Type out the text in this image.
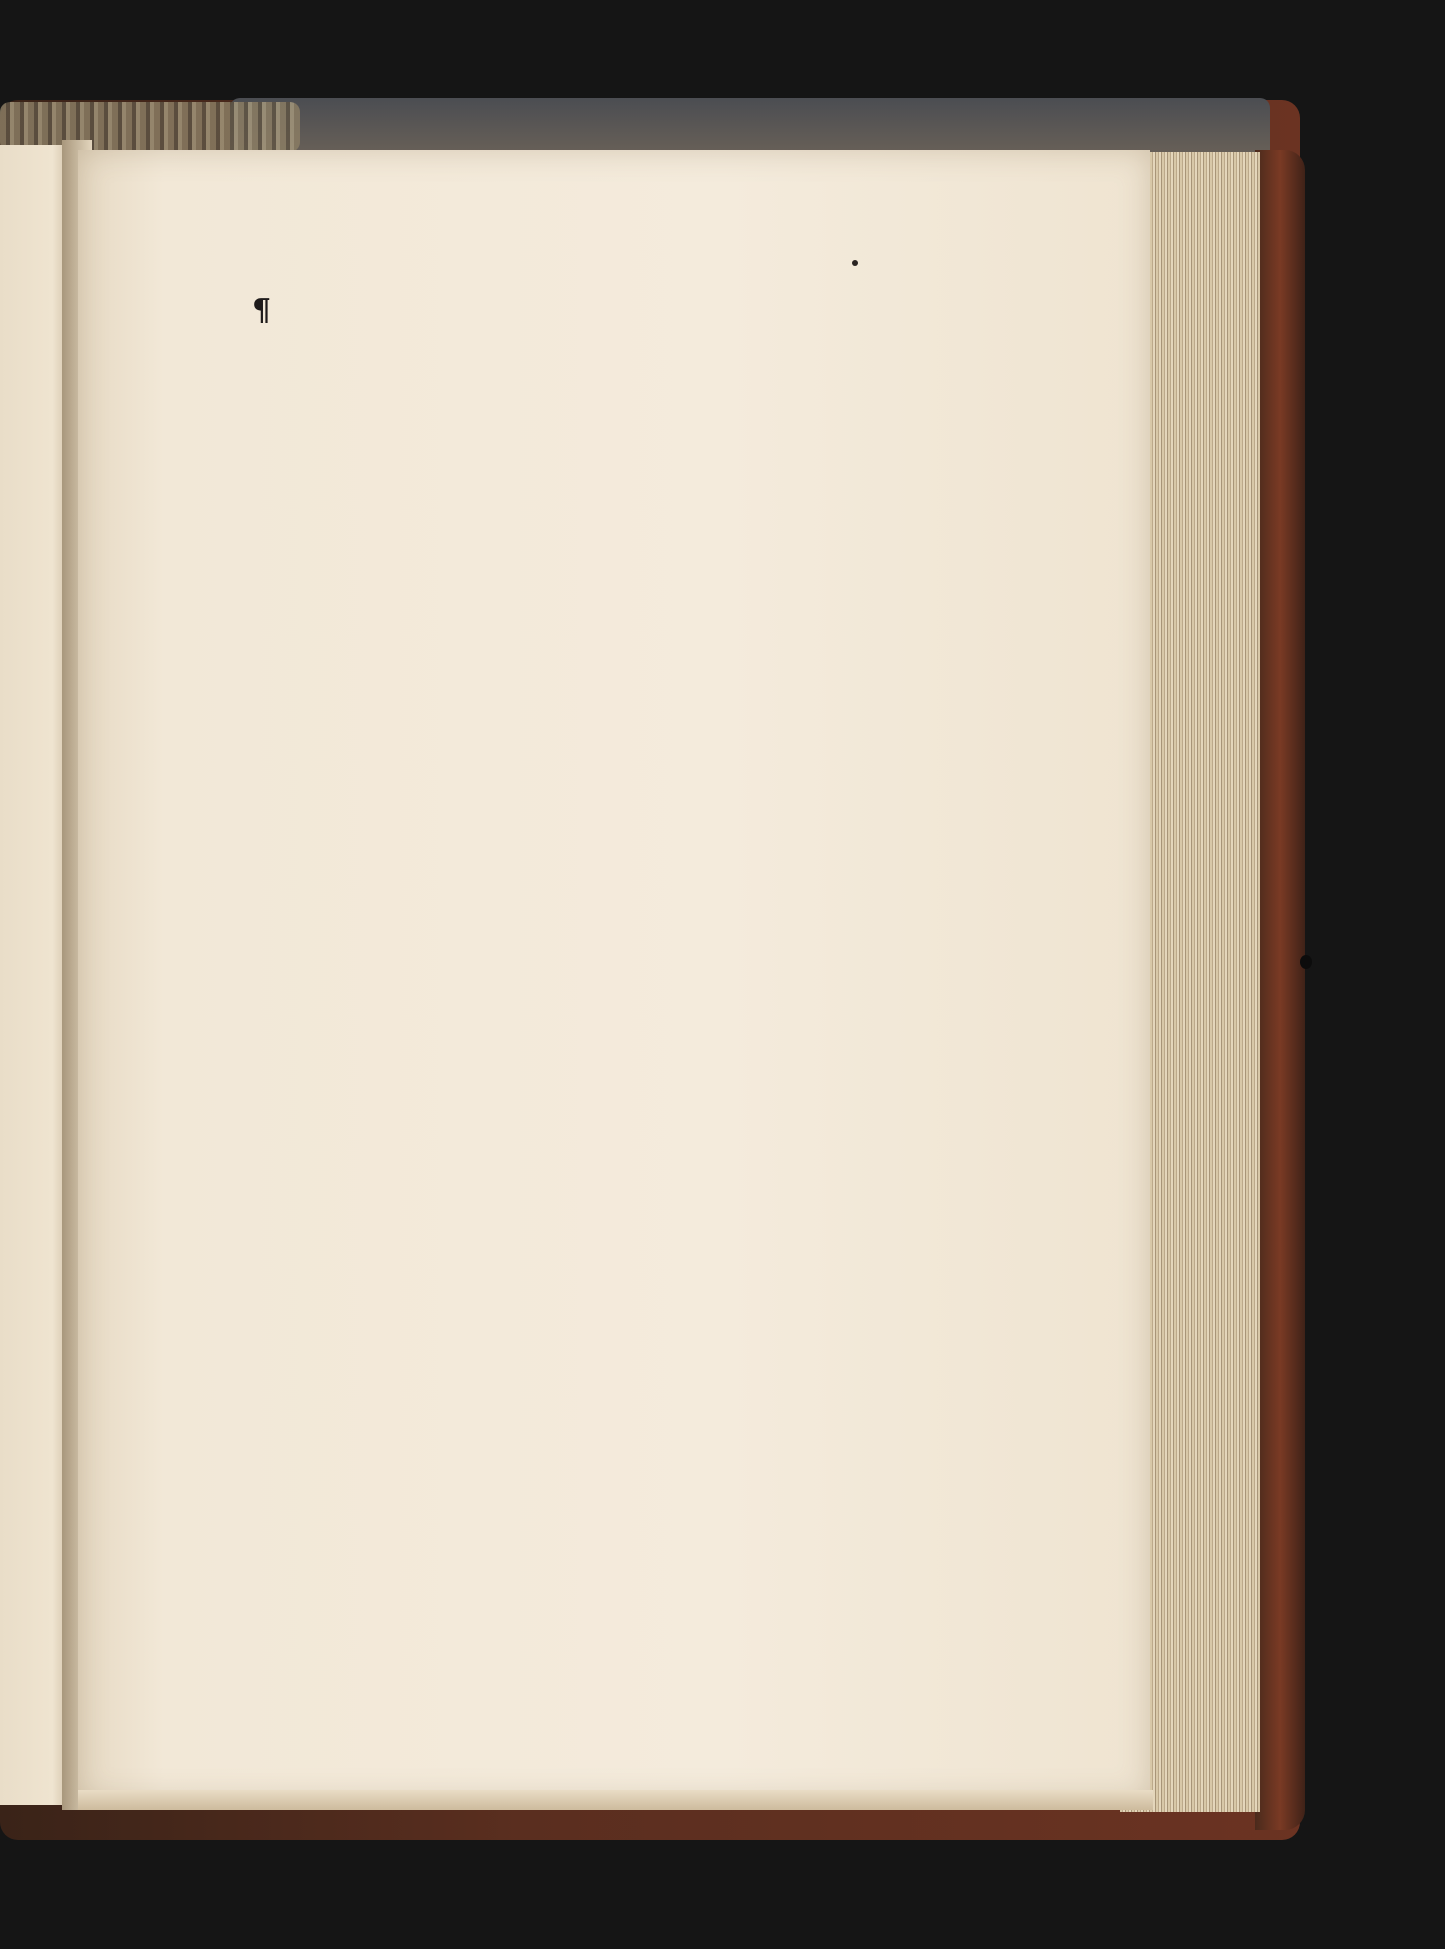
¶
